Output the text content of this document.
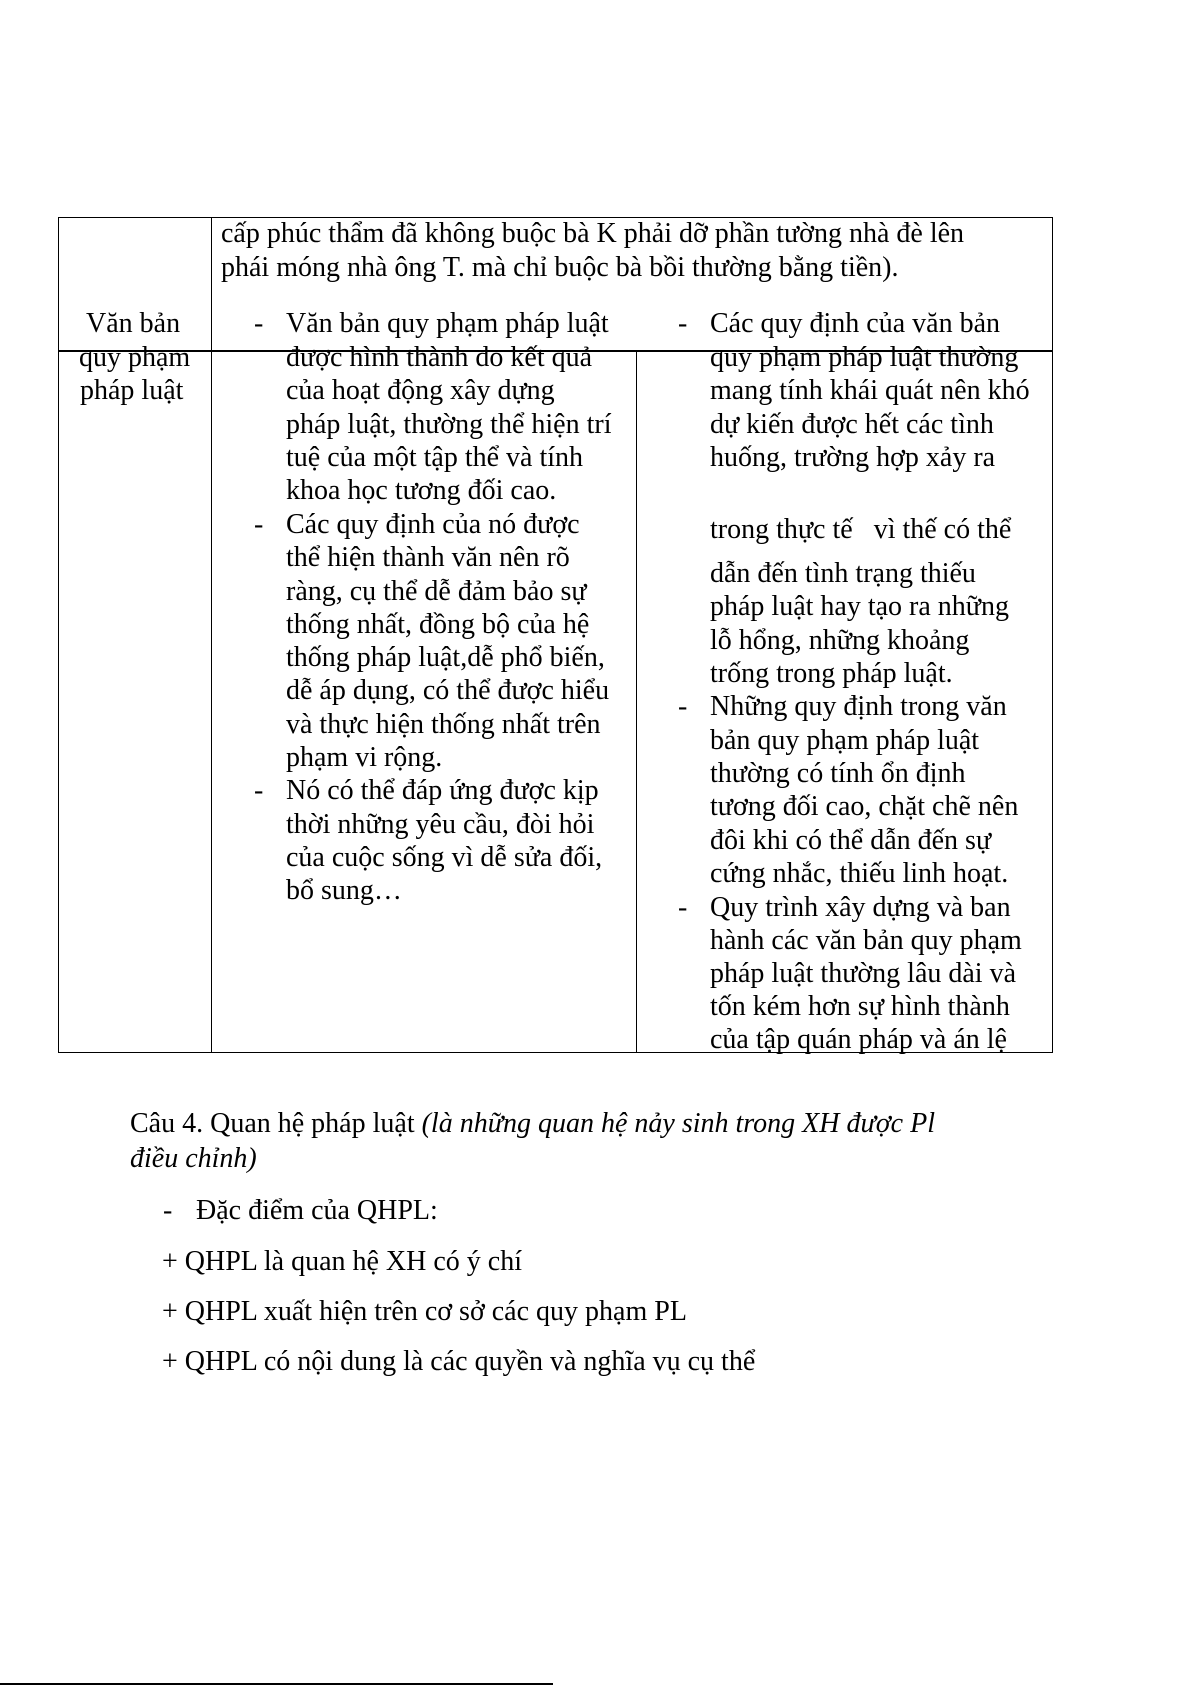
cấp phúc thẩm đã không buộc bà K phải dỡ phần tường nhà đè lên
phái móng nhà ông T. mà chỉ buộc bà bồi thường bằng tiền).
Văn bản
quy phạm
pháp luật
-
-
-
Văn bản quy phạm pháp luật
được hình thành do kết quả
của hoạt động xây dựng
pháp luật, thường thể hiện trí
tuệ của một tập thể và tính
khoa học tương đối cao.
Các quy định của nó được
thể hiện thành văn nên rõ
ràng, cụ thể dễ đảm bảo sự
thống nhất, đồng bộ của hệ
thống pháp luật,dễ phổ biến,
dễ áp dụng, có thể được hiểu
và thực hiện thống nhất trên
phạm vi rộng.
Nó có thể đáp ứng được kịp
thời những yêu cầu, đòi hỏi
của cuộc sống vì dễ sửa đối,
bổ sung…
-
-
-
Các quy định của văn bản
quy phạm pháp luật thường
mang tính khái quát nên khó
dự kiến được hết các tình
huống, trường hợp xảy ra
trong thực tế   vì thế có thể
dẫn đến tình trạng thiếu
pháp luật hay tạo ra những
lỗ hổng, những khoảng
trống trong pháp luật.
Những quy định trong văn
bản quy phạm pháp luật
thường có tính ổn định
tương đối cao, chặt chẽ nên
đôi khi có thể dẫn đến sự
cứng nhắc, thiếu linh hoạt.
Quy trình xây dựng và ban
hành các văn bản quy phạm
pháp luật thường lâu dài và
tốn kém hơn sự hình thành
của tập quán pháp và án lệ
Câu 4. Quan hệ pháp luật (là những quan hệ nảy sinh trong XH được Pl
điều chỉnh)
- Đặc điểm của QHPL:
+ QHPL là quan hệ XH có ý chí
+ QHPL xuất hiện trên cơ sở các quy phạm PL
+ QHPL có nội dung là các quyền và nghĩa vụ cụ thể
